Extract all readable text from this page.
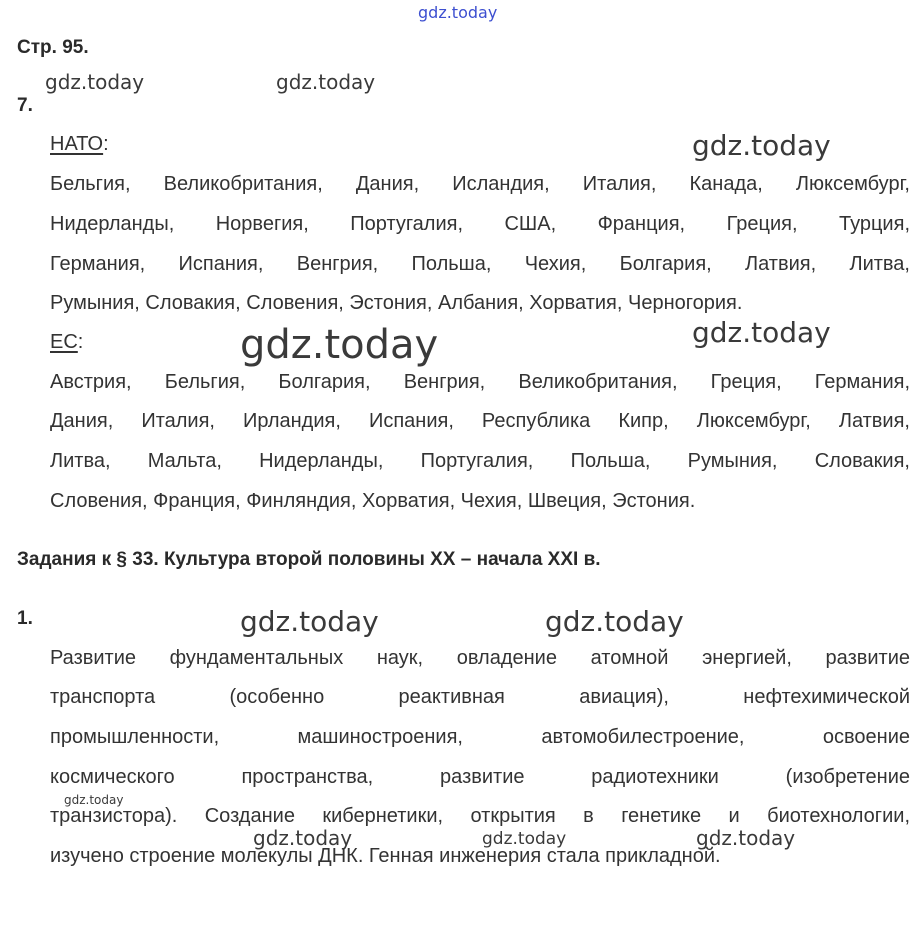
gdz.today
Стр. 95.
gdz.today	gdz.today
7.
НАТО:	gdz.today
Бельгия, Великобритания, Дания, Исландия, Италия, Канада, Люксембург,
Нидерланды, Норвегия, Португалия, США, Франция, Греция, Турция,
Германия, Испания, Венгрия, Польша, Чехия, Болгария, Латвия, Литва,
Румыния, Словакия, Словения, Эстония, Албания, Хорватия, Черногория.
ЕС:	gdz.today	gdz.today
Австрия, Бельгия, Болгария, Венгрия, Великобритания, Греция, Германия,
Дания, Италия, Ирландия, Испания, Республика Кипр, Люксембург, Латвия,
Литва, Мальта, Нидерланды, Португалия, Польша, Румыния, Словакия,
Словения, Франция, Финляндия, Хорватия, Чехия, Швеция, Эстония.
Задания к § 33. Культура второй половины XX – начала XXI в.
1.	gdz.today	gdz.today
Развитие фундаментальных наук, овладение атомной энергией, развитие
транспорта (особенно реактивная авиация), нефтехимической
промышленности, машиностроения, автомобилестроение, освоение
космического пространства, развитие радиотехники (изобретение
gdz.today
транзистора). Создание кибернетики, открытия в генетике и биотехнологии,
gdz.today	gdz.today	gdz.today
изучено строение молекулы ДНК. Генная инженерия стала прикладной.
